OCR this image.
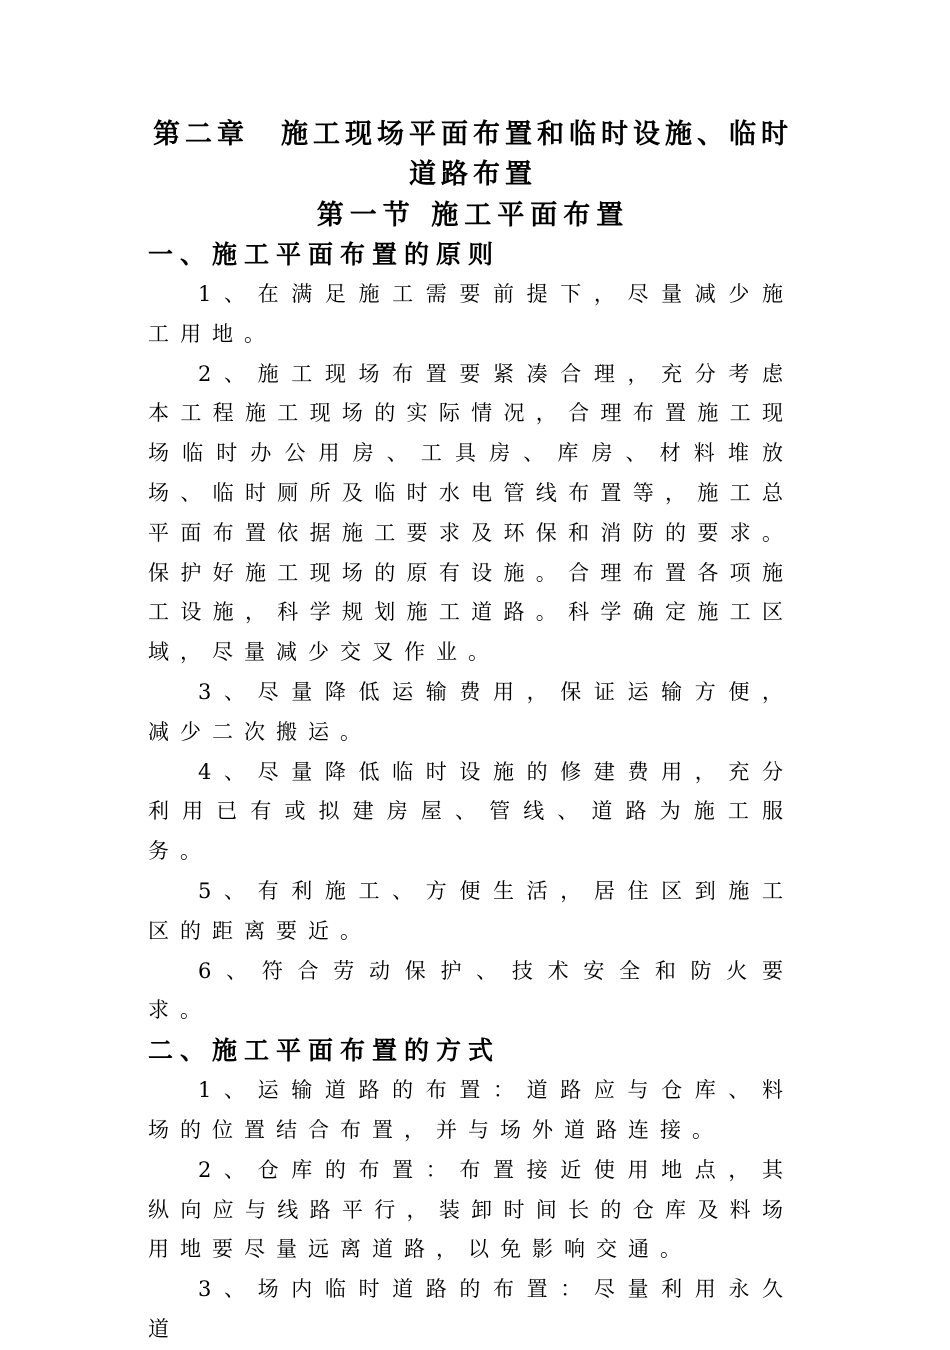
第二章　施工现场平面布置和临时设施、临时道路布置
第一节 施工平面布置
一、施工平面布置的原则

1、在满足施工需要前提下，尽量减少施工用地。

2、施工现场布置要紧凑合理，充分考虑本工程施工现场的实际情况，合理布置施工现场临时办公用房、工具房、库房、材料堆放场、临时厕所及临时水电管线布置等，施工总平面布置依据施工要求及环保和消防的要求。保护好施工现场的原有设施。合理布置各项施工设施，科学规划施工道路。科学确定施工区域，尽量减少交叉作业。

3、尽量降低运输费用，保证运输方便，减少二次搬运。

4、尽量降低临时设施的修建费用，充分利用已有或拟建房屋、管线、道路为施工服务。

5、有利施工、方便生活，居住区到施工区的距离要近。

6、符合劳动保护、技术安全和防火要求。

二、施工平面布置的方式

1、运输道路的布置：道路应与仓库、料场的位置结合布置，并与场外道路连接。

2、仓库的布置：布置接近使用地点，其纵向应与线路平行，装卸时间长的仓库及料场用地要尽量远离道路，以免影响交通。

3、场内临时道路的布置：尽量利用永久道
